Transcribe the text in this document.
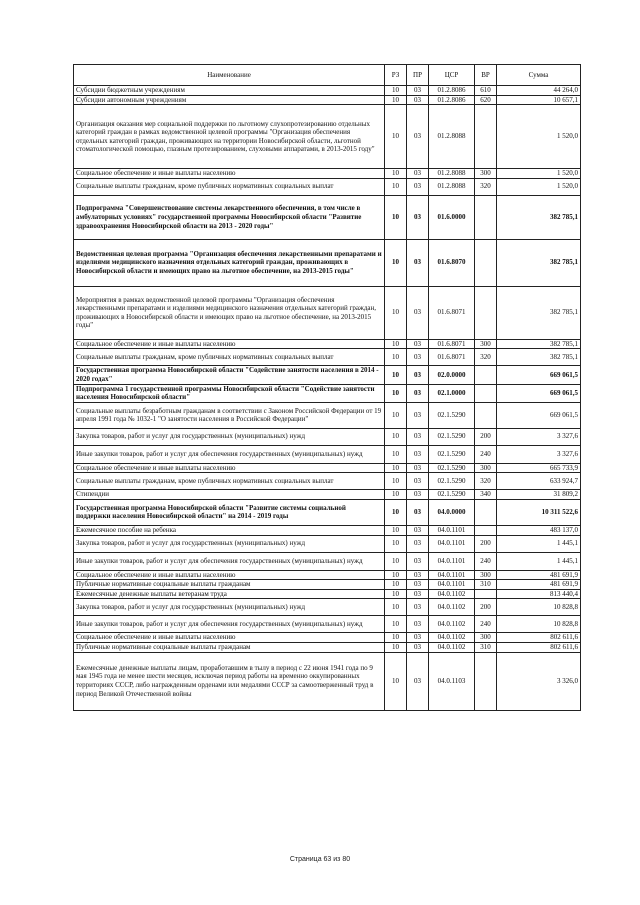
Наименование	РЗ	ПР	ЦСР	ВР	Сумма
Субсидии бюджетным учреждениям	10	03	01.2.8086	610	44 264,0
Субсидии автономным учреждениям	10	03	01.2.8086	620	10 657,1
Организация оказания мер социальной поддержки по льготному слухопротезированию отдельных категорий граждан в рамках ведомственной целевой программы "Организация обеспечения отдельных категорий граждан, проживающих на территории Новосибирской области, льготной стоматологической помощью, глазным протезированием, слуховыми аппаратами, в 2013-2015 году"	10	03	01.2.8088		1 520,0
Социальное обеспечение и иные выплаты населению	10	03	01.2.8088	300	1 520,0
Социальные выплаты гражданам, кроме публичных нормативных социальных выплат	10	03	01.2.8088	320	1 520,0
Подпрограмма "Совершенствование системы лекарственного обеспечения, в том числе в амбулаторных условиях" государственной программы Новосибирской области "Развитие здравоохранения Новосибирской области на 2013 - 2020 годы"	10	03	01.6.0000		382 785,1
Ведомственная целевая программа "Организация обеспечения лекарственными препаратами и изделиями медицинского назначения отдельных категорий граждан, проживающих в Новосибирской области и имеющих право на льготное обеспечение, на 2013-2015 годы"	10	03	01.6.8070		382 785,1
Мероприятия в рамках ведомственной целевой программы "Организация обеспечения лекарственными препаратами и изделиями медицинского назначения отдельных категорий граждан, проживающих в Новосибирской области и имеющих право на льготное обеспечение, на 2013-2015 годы"	10	03	01.6.8071		382 785,1
Социальное обеспечение и иные выплаты населению	10	03	01.6.8071	300	382 785,1
Социальные выплаты гражданам, кроме публичных нормативных социальных выплат	10	03	01.6.8071	320	382 785,1
Государственная программа Новосибирской области "Содействие занятости населения в 2014 - 2020 годах"	10	03	02.0.0000		669 061,5
Подпрограмма 1 государственной программы Новосибирской области "Содействие занятости населения Новосибирской области"	10	03	02.1.0000		669 061,5
Социальные выплаты безработным гражданам в соответствии с Законом Российской Федерации от 19 апреля 1991 года № 1032-1 "О занятости населения в Российской Федерации"	10	03	02.1.5290		669 061,5
Закупка товаров, работ и услуг для государственных (муниципальных) нужд	10	03	02.1.5290	200	3 327,6
Иные закупки товаров, работ и услуг для обеспечения государственных (муниципальных) нужд	10	03	02.1.5290	240	3 327,6
Социальное обеспечение и иные выплаты населению	10	03	02.1.5290	300	665 733,9
Социальные выплаты гражданам, кроме публичных нормативных социальных выплат	10	03	02.1.5290	320	633 924,7
Стипендии	10	03	02.1.5290	340	31 809,2
Государственная программа Новосибирской области "Развитие системы социальной поддержки населения Новосибирской области" на 2014 - 2019 годы	10	03	04.0.0000		10 311 522,6
Ежемесячное пособие на ребенка	10	03	04.0.1101		483 137,0
Закупка товаров, работ и услуг для государственных (муниципальных) нужд	10	03	04.0.1101	200	1 445,1
Иные закупки товаров, работ и услуг для обеспечения государственных (муниципальных) нужд	10	03	04.0.1101	240	1 445,1
Социальное обеспечение и иные выплаты населению	10	03	04.0.1101	300	481 691,9
Публичные нормативные социальные выплаты гражданам	10	03	04.0.1101	310	481 691,9
Ежемесячные денежные выплаты ветеранам труда	10	03	04.0.1102		813 440,4
Закупка товаров, работ и услуг для государственных (муниципальных) нужд	10	03	04.0.1102	200	10 828,8
Иные закупки товаров, работ и услуг для обеспечения государственных (муниципальных) нужд	10	03	04.0.1102	240	10 828,8
Социальное обеспечение и иные выплаты населению	10	03	04.0.1102	300	802 611,6
Публичные нормативные социальные выплаты гражданам	10	03	04.0.1102	310	802 611,6
Ежемесячные денежные выплаты лицам, проработавшим в тылу в период с 22 июня 1941 года по 9 мая 1945 года не менее шести месяцев, исключая период работы на временно оккупированных территориях СССР, либо награжденным орденами или медалями СССР за самоотверженный труд в период Великой Отечественной войны	10	03	04.0.1103		3 326,0
Страница 63 из 80
